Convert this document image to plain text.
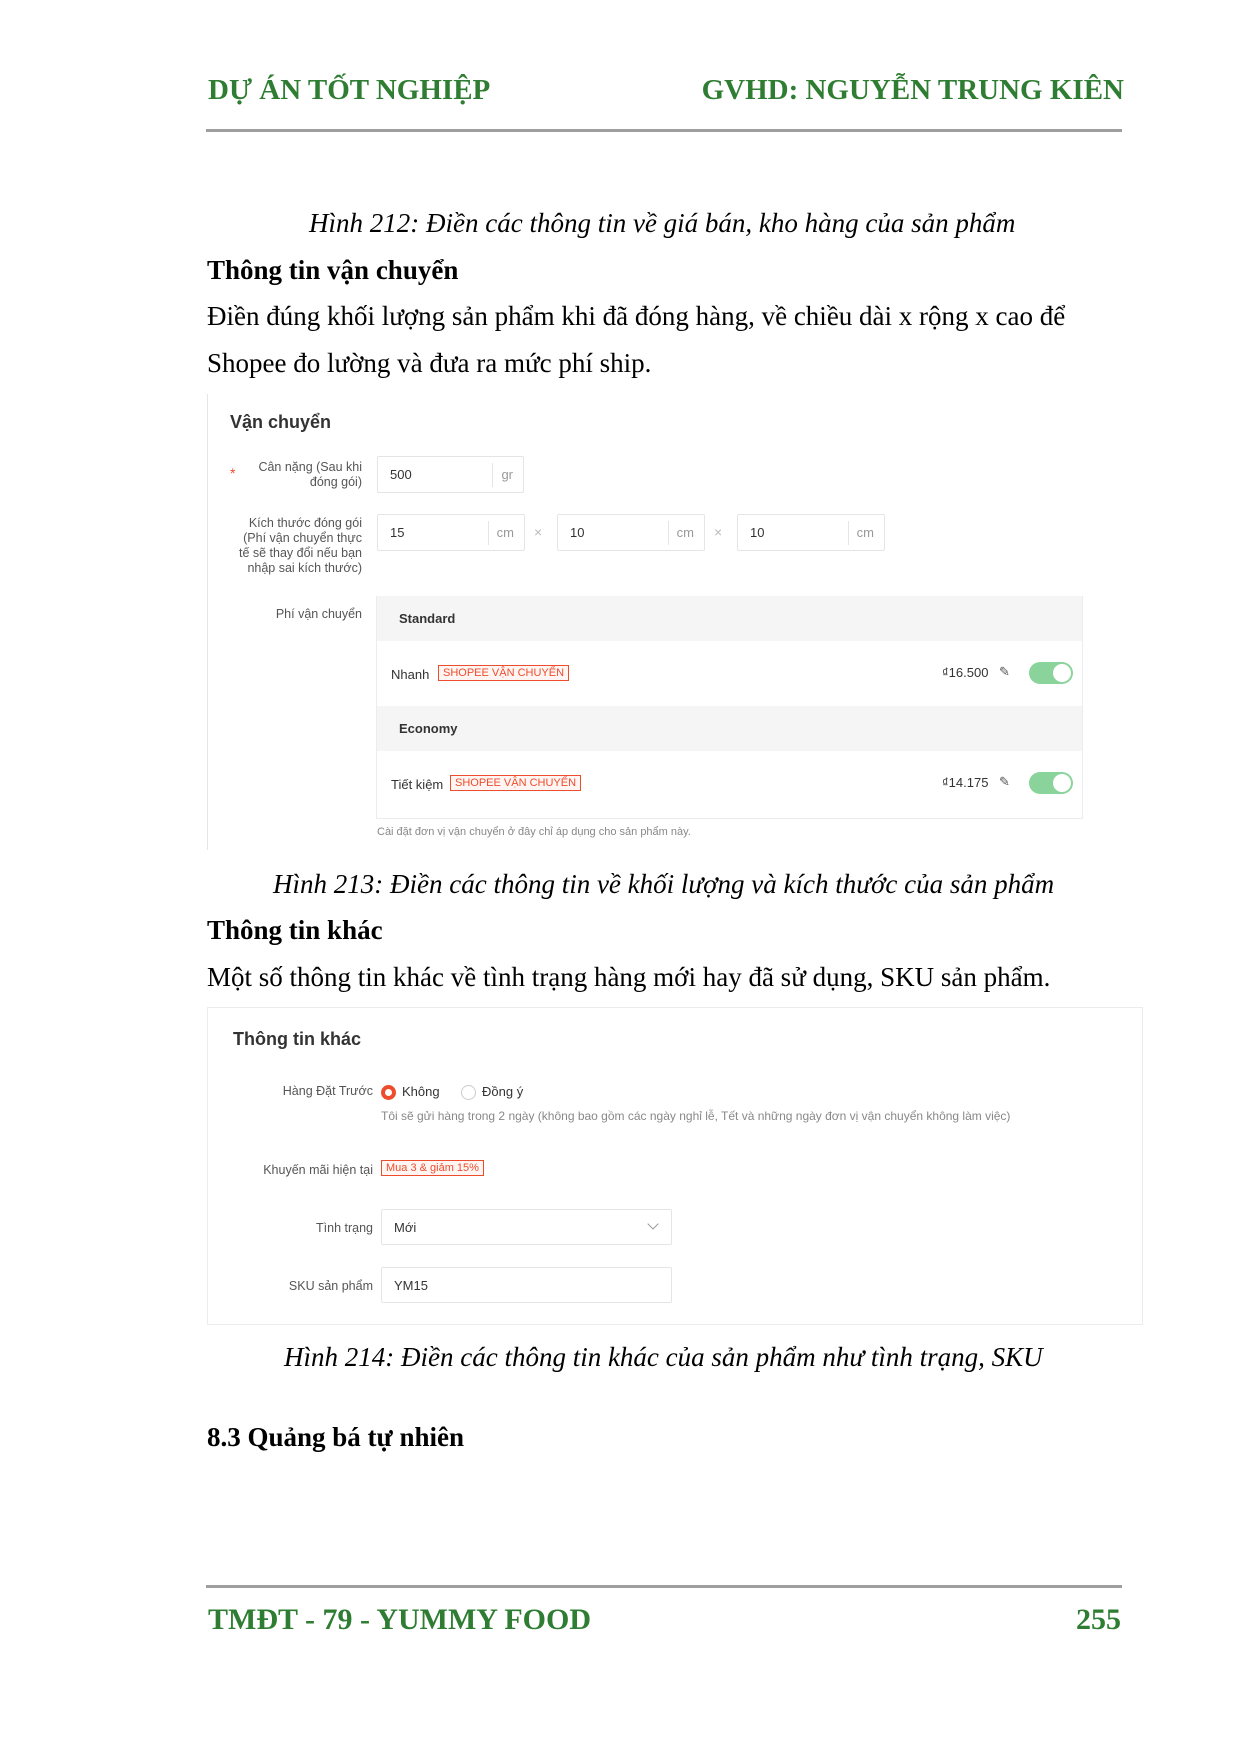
DỰ ÁN TỐT NGHIỆP	GVHD: NGUYỄN TRUNG KIÊN
Hình 212: Điền các thông tin về giá bán, kho hàng của sản phẩm
Thông tin vận chuyển
Điền đúng khối lượng sản phẩm khi đã đóng hàng, về chiều dài x rộng x cao để
Shopee đo lường và đưa ra mức phí ship.
Vận chuyển
*	Cân nặng (Sau khi
đóng gói) 500	gr
Kích thước đóng gói
(Phí vận chuyển thực
tế sẽ thay đổi nếu bạn
nhập sai kích thước)
15	cm	× 10	cm	× 10	cm
Phí vận chuyển	Standard
Nhanh	SHOPEE VẬN CHUYỂN	₫16.500 ✎
Economy
Tiết kiệm	SHOPEE VẬN CHUYỂN	₫14.175 ✎
Cài đặt đơn vị vận chuyển ở đây chỉ áp dụng cho sản phẩm này.
Hình 213: Điền các thông tin về khối lượng và kích thước của sản phẩm
Thông tin khác
Một số thông tin khác về tình trạng hàng mới hay đã sử dụng, SKU sản phẩm.
Thông tin khác
Hàng Đặt Trước Không	Đồng ý
Tôi sẽ gửi hàng trong 2 ngày (không bao gồm các ngày nghỉ lễ, Tết và những ngày đơn vị vận chuyển không làm việc)
Khuyến mãi hiện tại	Mua 3 & giảm 15%
Tình trạng Mới
SKU sản phẩm YM15
Hình 214: Điền các thông tin khác của sản phẩm như tình trạng, SKU
8.3 Quảng bá tự nhiên
TMĐT - 79 - YUMMY FOOD	255
